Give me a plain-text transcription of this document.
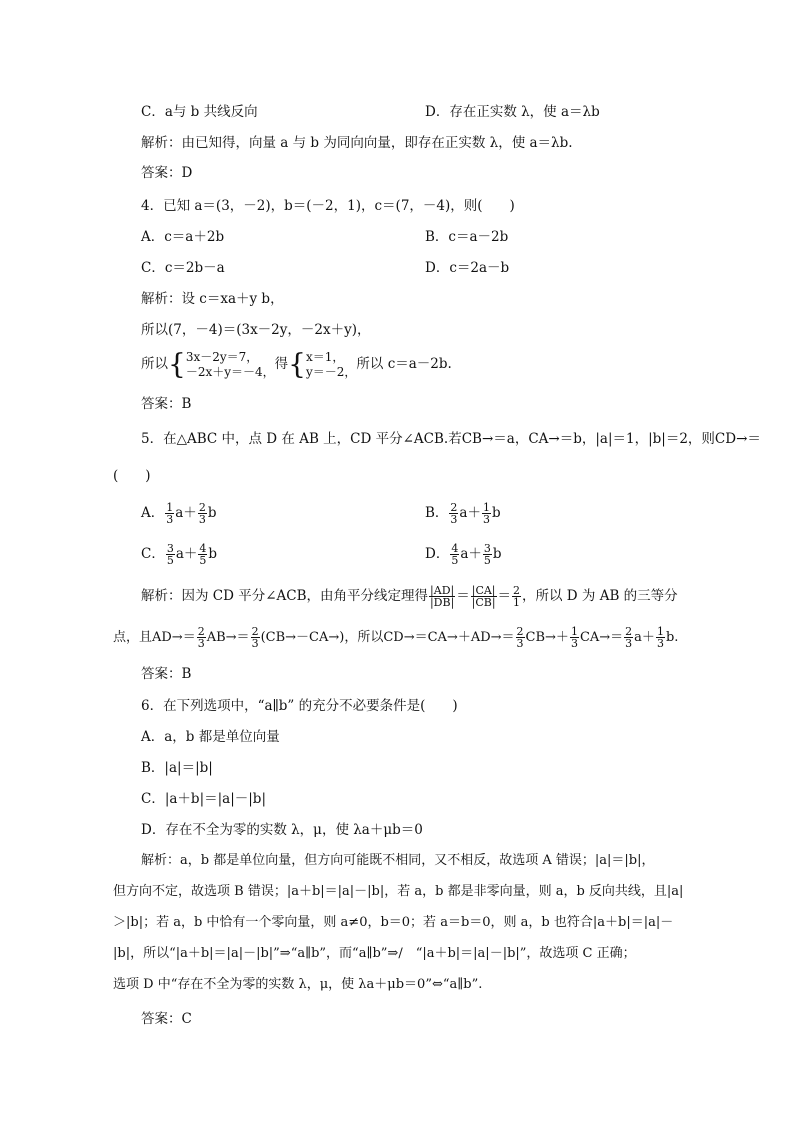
C．a与 b 共线反向	D．存在正实数 λ，使 a＝λb
解析：由已知得，向量 a 与 b 为同向向量，即存在正实数 λ，使 a＝λb.
答案：D
4．已知 a＝(3，－2)，b＝(－2，1)，c＝(7，－4)，则(　　)
A．c＝a＋2b	B．c＝a－2b
C．c＝2b－a	D．c＝2a－b
解析：设 c＝xa＋y b，
所以(7，－4)＝(3x－2y，－2x＋y)，
所以{ 3x－2y＝7，
－2x＋y＝－4， 得{ x＝1，
y＝－2， 所以 c＝a－2b.
答案：B
5．在△ABC 中，点 D 在 AB 上，CD 平分∠ACB.若CB→＝a，CA→＝b，|a|＝1，|b|＝2，则CD→＝
(　　)
A． $\frac{1}{3} a+ \frac{2}{3}$ b	B． $\frac{2}{3} a+ \frac{1}{3}$ b
C． $\frac{3}{5} a+ \frac{4}{5}$ b	D． $\frac{4}{5} a+ \frac{3}{5}$ b
解析：因为 CD 平分∠ACB，由角平分线定理得 $\frac{|AD|}{|DB|} = \frac{|CA|}{|CB|} = \frac{2}{1}$ ，所以 D 为 AB 的三等分
点，且$AD\to= \frac{2}{3} AB\to= \frac{2}{3} (CB\to-CA\to)$，所以$CD\to=CA\to+AD\to= \frac{2}{3} CB\to+ \frac{1}{3} CA\to= \frac{2}{3} a+ \frac{1}{3} b$.
答案：B
6．在下列选项中，“a∥b” 的充分不必要条件是(　　)
A．a，b 都是单位向量
B．|a|＝|b|
C．|a＋b|＝|a|－|b|
D．存在不全为零的实数 λ，μ，使 λa＋μb＝0
解析：a，b 都是单位向量，但方向可能既不相同，又不相反，故选项 A 错误；|a|＝|b|，
但方向不定，故选项 B 错误；|a＋b|＝|a|－|b|，若 a，b 都是非零向量，则 a，b 反向共线，且|a|
＞|b|；若 a，b 中恰有一个零向量，则 a≠0，b＝0；若 a＝b＝0，则 a，b 也符合|a＋b|＝|a|－
|b|，所以“|a＋b|＝|a|－|b|”⇒“a∥b”，而“a∥b”⇒/　“|a＋b|＝|a|－|b|”，故选项 C 正确；
选项 D 中“存在不全为零的实数 λ，μ，使 λa＋μb＝0”⇔“a∥b”.
答案：C
